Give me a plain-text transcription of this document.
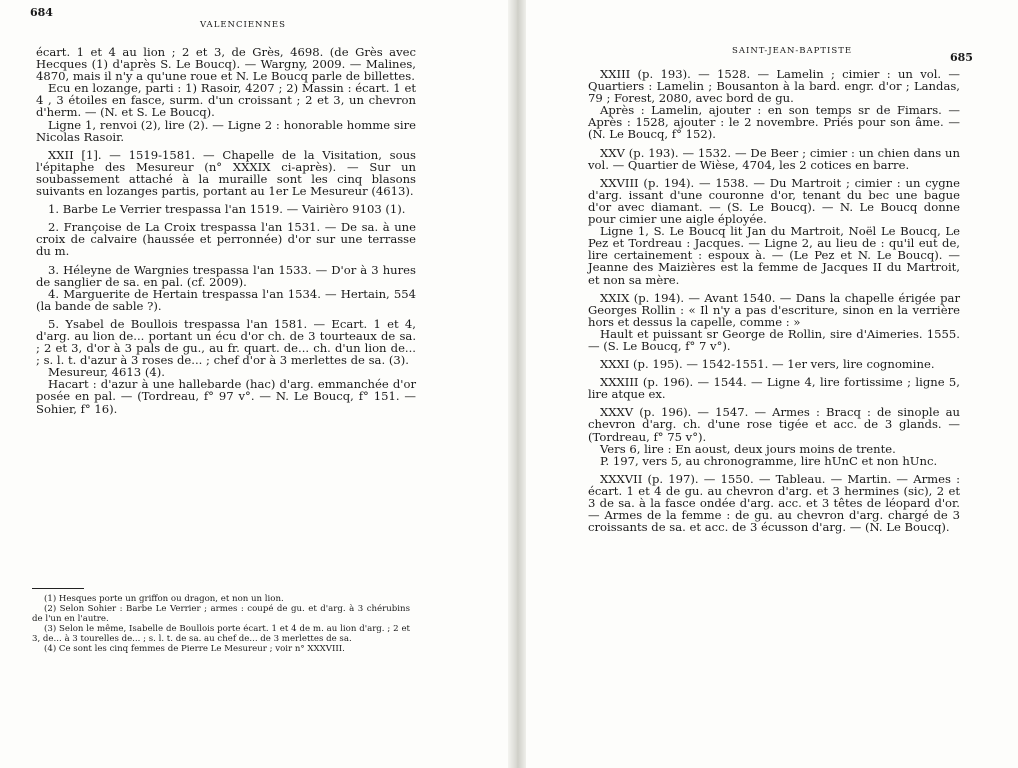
684
VALENCIENNES

écart. 1 et 4 au lion ; 2 et 3, de Grès, 4698. (de Grès avec Hecques (1) d'après S. Le Boucq). — Wargny, 2009. — Malines, 4870, mais il n'y a qu'une roue et N. Le Boucq parle de billettes.

Ecu en lozange, parti : 1) Rasoir, 4207 ; 2) Massin : écart. 1 et 4 , 3 étoiles en fasce, surm. d'un croissant ; 2 et 3, un chevron d'herm. — (N. et S. Le Boucq).

Ligne 1, renvoi (2), lire (2). — Ligne 2 : honorable homme sire Nicolas Rasoir.

XXII [1]. — 1519-1581. — Chapelle de la Visitation, sous l'épitaphe des Mesureur (n° XXXIX ci-après). — Sur un soubassement attaché à la muraille sont les cinq blasons suivants en lozanges partis, portant au 1er Le Mesureur (4613).

1. Barbe Le Verrier trespassa l'an 1519. — Vairièro 9103 (1).

2. Françoise de La Croix trespassa l'an 1531. — De sa. à une croix de calvaire (haussée et perronnée) d'or sur une terrasse du m.

3. Héleyne de Wargnies trespassa l'an 1533. — D'or à 3 hures de sanglier de sa. en pal. (cf. 2009).

4. Marguerite de Hertain trespassa l'an 1534. — Hertain, 554 (la bande de sable ?).

5. Ysabel de Boullois trespassa l'an 1581. — Ecart. 1 et 4, d'arg. au lion de... portant un écu d'or ch. de 3 tourteaux de sa. ; 2 et 3, d'or à 3 pals de gu., au fr. quart. de... ch. d'un lion de... ; s. l. t. d'azur à 3 roses de... ; chef d'or à 3 merlettes de sa. (3).

Mesureur, 4613 (4).

Hacart : d'azur à une hallebarde (hac) d'arg. emmanchée d'or posée en pal. — (Tordreau, f° 97 v°. — N. Le Boucq, f° 151. — Sohier, f° 16).

(1) Hesques porte un griffon ou dragon, et non un lion.

(2) Selon Sohier : Barbe Le Verrier ; armes : coupé de gu. et d'arg. à 3 chérubins de l'un en l'autre.

(3) Selon le même, Isabelle de Boullois porte écart. 1 et 4 de m. au lion d'arg. ; 2 et 3, de... à 3 tourelles de... ; s. l. t. de sa. au chef de... de 3 merlettes de sa.

(4) Ce sont les cinq femmes de Pierre Le Mesureur ; voir n° XXXVIII.

SAINT-JEAN-BAPTISTE	685

XXIII (p. 193). — 1528. — Lamelin ; cimier : un vol. — Quartiers : Lamelin ; Bousanton à la bard. engr. d'or ; Landas, 79 ; Forest, 2080, avec bord de gu.

Après : Lamelin, ajouter : en son temps sr de Fimars. — Après : 1528, ajouter : le 2 novembre. Priés pour son âme. — (N. Le Boucq, f° 152).

XXV (p. 193). — 1532. — De Beer ; cimier : un chien dans un vol. — Quartier de Wièse, 4704, les 2 cotices en barre.

XXVIII (p. 194). — 1538. — Du Martroit ; cimier : un cygne d'arg. issant d'une couronne d'or, tenant du bec une bague d'or avec diamant. — (S. Le Boucq). — N. Le Boucq donne pour cimier une aigle éployée.

Ligne 1, S. Le Boucq lit Jan du Martroit, Noël Le Boucq, Le Pez et Tordreau : Jacques. — Ligne 2, au lieu de : qu'il eut de, lire certainement : espoux à. — (Le Pez et N. Le Boucq). — Jeanne des Maizières est la femme de Jacques II du Martroit, et non sa mère.

XXIX (p. 194). — Avant 1540. — Dans la chapelle érigée par Georges Rollin : « Il n'y a pas d'escriture, sinon en la verrière hors et dessus la capelle, comme : »

Hault et puissant sr George de Rollin, sire d'Aimeries. 1555. — (S. Le Boucq, f° 7 v°).

XXXI (p. 195). — 1542-1551. — 1er vers, lire cognomine.

XXXIII (p. 196). — 1544. — Ligne 4, lire fortissime ; ligne 5, lire atque ex.

XXXV (p. 196). — 1547. — Armes : Bracq : de sinople au chevron d'arg. ch. d'une rose tigée et acc. de 3 glands. — (Tordreau, f° 75 v°).

Vers 6, lire : En aoust, deux jours moins de trente.

P. 197, vers 5, au chronogramme, lire hUnC et non hUnc.

XXXVII (p. 197). — 1550. — Tableau. — Martin. — Armes : écart. 1 et 4 de gu. au chevron d'arg. et 3 hermines (sic), 2 et 3 de sa. à la fasce ondée d'arg. acc. et 3 têtes de léopard d'or. — Armes de la femme : de gu. au chevron d'arg. chargé de 3 croissants de sa. et acc. de 3 écusson d'arg. — (N. Le Boucq).
